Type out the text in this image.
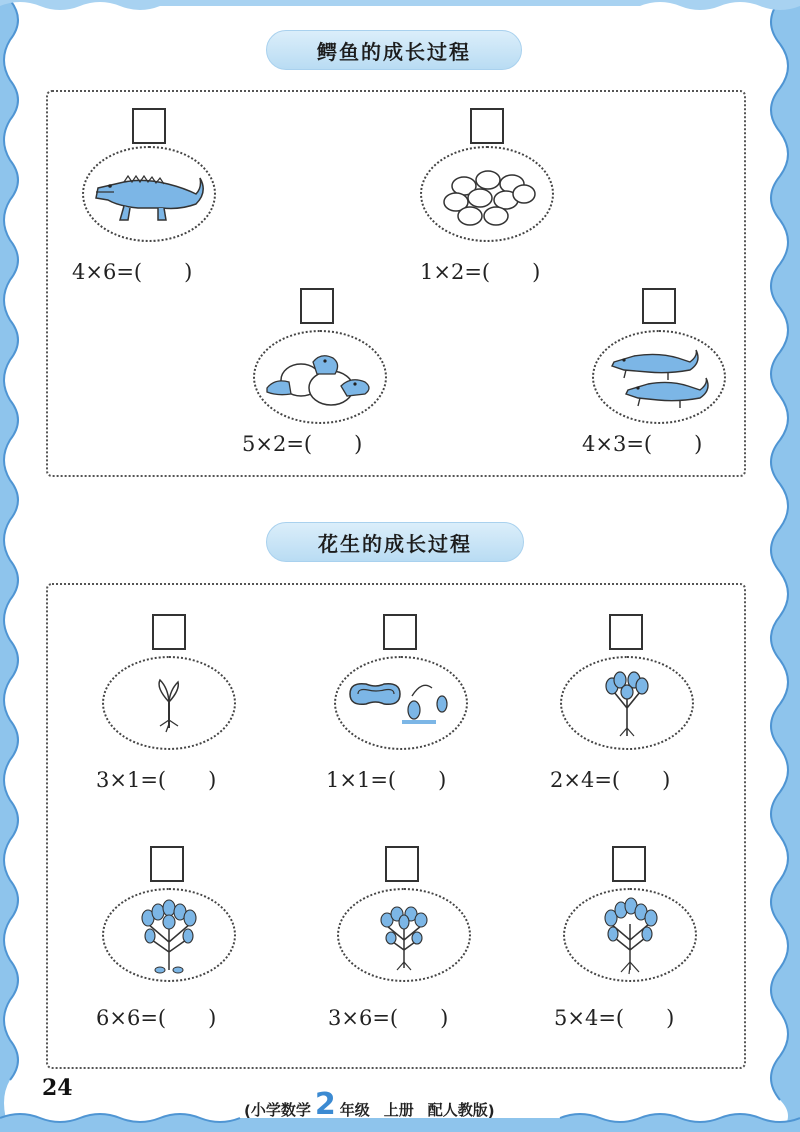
鳄鱼的成长过程
4×6=(　　)	1×2=(　　)
5×2=(　　)	4×3=(　　)
花生的成长过程
3×1=(　　)	1×1=(　　)	2×4=(　　)
6×6=(　　)	3×6=(　　)	5×4=(　　)
24
( 小学数学 2 年级 上册 配人教版 )
